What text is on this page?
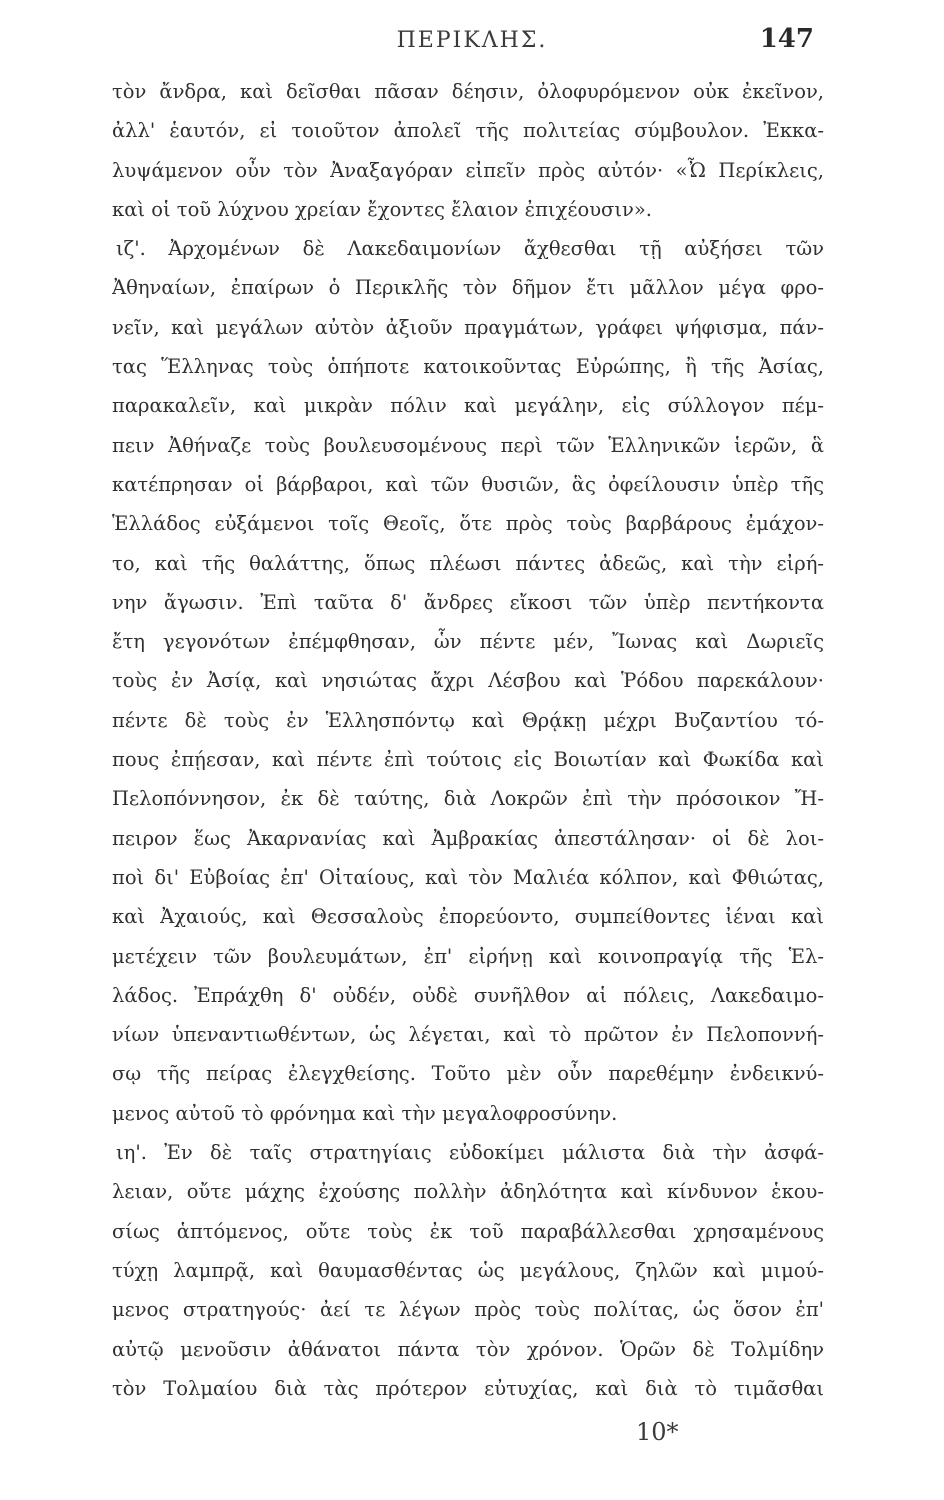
ΠΕΡΙΚΛΗΣ.	147
τὸν ἄνδρα, καὶ δεῖσθαι πᾶσαν δέησιν, ὀλοφυρόμενον οὐκ ἐκεῖνον,
ἀλλ' ἑαυτόν, εἰ τοιοῦτον ἀπολεῖ τῆς πολιτείας σύμβουλον. Ἐκκα-
λυψάμενον οὖν τὸν Ἀναξαγόραν εἰπεῖν πρὸς αὐτόν· «Ὦ Περίκλεις,
καὶ οἱ τοῦ λύχνου χρείαν ἔχοντες ἔλαιον ἐπιχέουσιν».
ιζ'. Ἀρχομένων δὲ Λακεδαιμονίων ἄχθεσθαι τῇ αὐξήσει τῶν
Ἀθηναίων, ἐπαίρων ὁ Περικλῆς τὸν δῆμον ἔτι μᾶλλον μέγα φρο-
νεῖν, καὶ μεγάλων αὐτὸν ἀξιοῦν πραγμάτων, γράφει ψήφισμα, πάν-
τας Ἕλληνας τοὺς ὁπήποτε κατοικοῦντας Εὐρώπης, ἢ τῆς Ἀσίας,
παρακαλεῖν, καὶ μικρὰν πόλιν καὶ μεγάλην, εἰς σύλλογον πέμ-
πειν Ἀθήναζε τοὺς βουλευσομένους περὶ τῶν Ἑλληνικῶν ἱερῶν, ἃ
κατέπρησαν οἱ βάρβαροι, καὶ τῶν θυσιῶν, ἃς ὀφείλουσιν ὑπὲρ τῆς
Ἑλλάδος εὐξάμενοι τοῖς Θεοῖς, ὅτε πρὸς τοὺς βαρβάρους ἐμάχον-
το, καὶ τῆς θαλάττης, ὅπως πλέωσι πάντες ἀδεῶς, καὶ τὴν εἰρή-
νην ἄγωσιν. Ἐπὶ ταῦτα δ' ἄνδρες εἴκοσι τῶν ὑπὲρ πεντήκοντα
ἔτη γεγονότων ἐπέμφθησαν, ὧν πέντε μέν, Ἴωνας καὶ Δωριεῖς
τοὺς ἐν Ἀσίᾳ, καὶ νησιώτας ἄχρι Λέσβου καὶ Ῥόδου παρεκάλουν·
πέντε δὲ τοὺς ἐν Ἑλλησπόντῳ καὶ Θρᾴκῃ μέχρι Βυζαντίου τό-
πους ἐπῄεσαν, καὶ πέντε ἐπὶ τούτοις εἰς Βοιωτίαν καὶ Φωκίδα καὶ
Πελοπόννησον, ἐκ δὲ ταύτης, διὰ Λοκρῶν ἐπὶ τὴν πρόσοικον Ἤ-
πειρον ἕως Ἀκαρνανίας καὶ Ἀμβρακίας ἀπεστάλησαν· οἱ δὲ λοι-
ποὶ δι' Εὐβοίας ἐπ' Οἰταίους, καὶ τὸν Μαλιέα κόλπον, καὶ Φθιώτας,
καὶ Ἀχαιούς, καὶ Θεσσαλοὺς ἐπορεύοντο, συμπείθοντες ἰέναι καὶ
μετέχειν τῶν βουλευμάτων, ἐπ' εἰρήνῃ καὶ κοινοπραγίᾳ τῆς Ἑλ-
λάδος. Ἐπράχθη δ' οὐδέν, οὐδὲ συνῆλθον αἱ πόλεις, Λακεδαιμο-
νίων ὑπεναντιωθέντων, ὡς λέγεται, καὶ τὸ πρῶτον ἐν Πελοποννή-
σῳ τῆς πείρας ἐλεγχθείσης. Τοῦτο μὲν οὖν παρεθέμην ἐνδεικνύ-
μενος αὐτοῦ τὸ φρόνημα καὶ τὴν μεγαλοφροσύνην.
ιη'. Ἐν δὲ ταῖς στρατηγίαις εὐδοκίμει μάλιστα διὰ τὴν ἀσφά-
λειαν, οὔτε μάχης ἐχούσης πολλὴν ἀδηλότητα καὶ κίνδυνον ἑκου-
σίως ἁπτόμενος, οὔτε τοὺς ἐκ τοῦ παραβάλλεσθαι χρησαμένους
τύχῃ λαμπρᾷ, καὶ θαυμασθέντας ὡς μεγάλους, ζηλῶν καὶ μιμού-
μενος στρατηγούς· ἀεί τε λέγων πρὸς τοὺς πολίτας, ὡς ὅσον ἐπ'
αὐτῷ μενοῦσιν ἀθάνατοι πάντα τὸν χρόνον. Ὁρῶν δὲ Τολμίδην
τὸν Τολμαίου διὰ τὰς πρότερον εὐτυχίας, καὶ διὰ τὸ τιμᾶσθαι
10*
